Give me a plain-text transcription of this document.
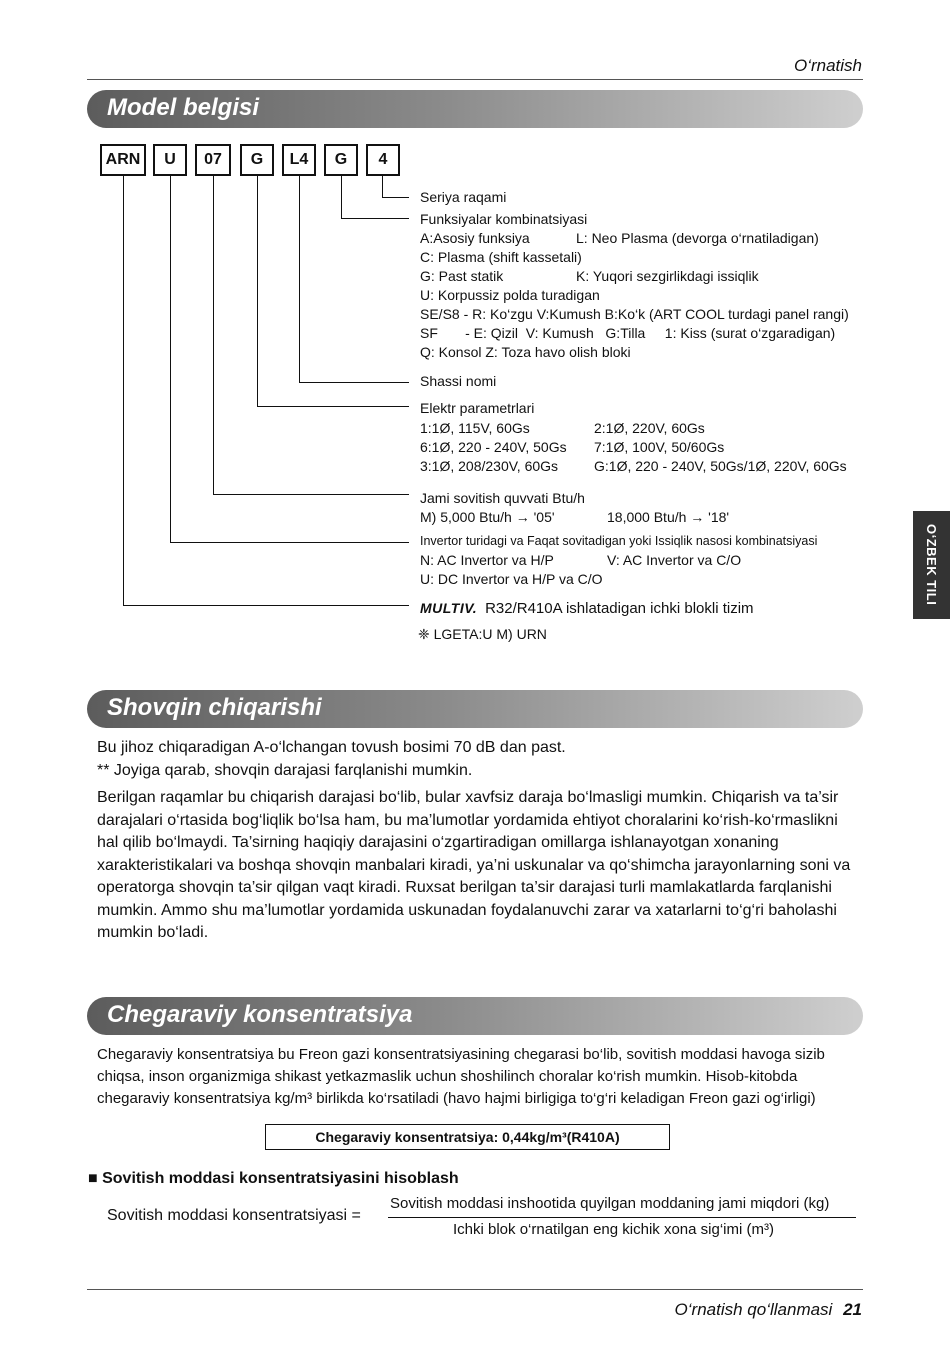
O‘rnatish
Model belgisi
ARN	U	07	G	L4	G	4
Seriya raqami
Funksiyalar kombinatsiyasi
A:Asosiy funksiya	L: Neo Plasma (devorga o‘rnatiladigan)
C: Plasma (shift kassetali)
G: Past statik	K: Yuqori sezgirlikdagi issiqlik
U: Korpussiz polda turadigan
SE/S8 - R: Ko‘zgu V:Kumush B:Ko‘k (ART COOL turdagi panel rangi)
SF       - E: Qizil  V: Kumush   G:Tilla     1: Kiss (surat o‘zgaradigan)
Q: Konsol Z: Toza havo olish bloki
Shassi nomi
Elektr parametrlari
1:1Ø, 115V, 60Gs	2:1Ø, 220V, 60Gs
6:1Ø, 220 - 240V, 50Gs 7:1Ø, 100V, 50/60Gs
3:1Ø, 208/230V, 60Gs	G:1Ø, 220 - 240V, 50Gs/1Ø, 220V, 60Gs
Jami sovitish quvvati Btu/h
M) 5,000 Btu/h → '05'	18,000 Btu/h → '18'
Invertor turidagi va Faqat sovitadigan yoki Issiqlik nasosi kombinatsiyasi
N: AC Invertor va H/P	V: AC Invertor va C/O
U: DC Invertor va H/P va C/O
MULTIV. R32/R410A ishlatadigan ichki blokli tizim
❈ LGETA:U M) URN
O‘ZBEK TILI
Shovqin chiqarishi
Bu jihoz chiqaradigan A-o‘lchangan tovush bosimi 70 dB dan past.
** Joyiga qarab, shovqin darajasi farqlanishi mumkin.
Berilgan raqamlar bu chiqarish darajasi bo‘lib, bular xavfsiz daraja bo‘lmasligi mumkin. Chiqarish va ta’sir darajalari o‘rtasida bog‘liqlik bo‘lsa ham, bu ma’lumotlar yordamida ehtiyot choralarini ko‘rish-ko‘rmaslikni hal qilib bo‘lmaydi. Ta’sirning haqiqiy darajasini o‘zgartiradigan omillarga ishlanayotgan xonaning xarakteristikalari va boshqa shovqin manbalari kiradi, ya’ni uskunalar va qo‘shimcha jarayonlarning soni va operatorga shovqin ta’sir qilgan vaqt kiradi. Ruxsat berilgan ta’sir darajasi turli mamlakatlarda farqlanishi mumkin. Ammo shu ma’lumotlar yordamida uskunadan foydalanuvchi zarar va xatarlarni to‘g‘ri baholashi mumkin bo‘ladi.
Chegaraviy konsentratsiya
Chegaraviy konsentratsiya bu Freon gazi konsentratsiyasining chegarasi bo‘lib, sovitish moddasi havoga sizib chiqsa, inson organizmiga shikast yetkazmaslik uchun shoshilinch choralar ko‘rish mumkin. Hisob-kitobda chegaraviy konsentratsiya kg/m³ birlikda ko‘rsatiladi (havo hajmi birligiga to‘g‘ri keladigan Freon gazi og‘irligi)
Chegaraviy konsentratsiya: 0,44kg/m³(R410A)
■ Sovitish moddasi konsentratsiyasini hisoblash
Sovitish moddasi konsentratsiyasi =
Sovitish moddasi inshootida quyilgan moddaning jami miqdori (kg)
Ichki blok o‘rnatilgan eng kichik xona sig‘imi (m³)
O‘rnatish qo‘llanmasi 21
